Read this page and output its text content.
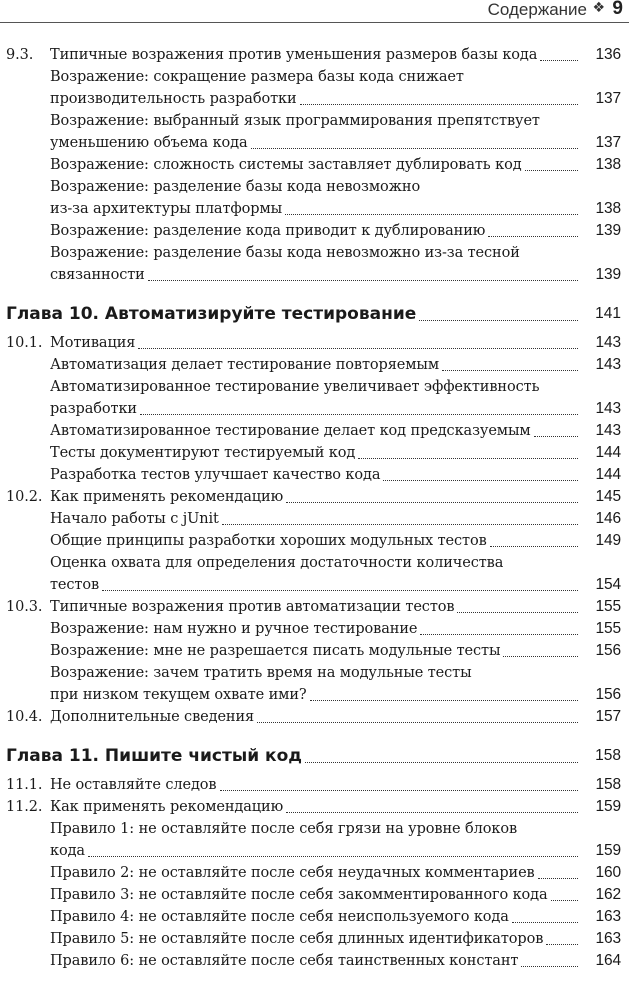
Содержание ❖ 9
9.3. Типичные возражения против уменьшения размеров базы кода	136
Возражение: сокращение размера базы кода снижает
производительность разработки	137
Возражение: выбранный язык программирования препятствует
уменьшению объема кода	137
Возражение: сложность системы заставляет дублировать код	138
Возражение: разделение базы кода невозможно
из-за архитектуры платформы	138
Возражение: разделение кода приводит к дублированию	139
Возражение: разделение базы кода невозможно из-за тесной
связанности	139
Глава 10. Автоматизируйте тестирование	141
10.1. Мотивация	143
Автоматизация делает тестирование повторяемым	143
Автоматизированное тестирование увеличивает эффективность
разработки	143
Автоматизированное тестирование делает код предсказуемым	143
Тесты документируют тестируемый код	144
Разработка тестов улучшает качество кода	144
10.2. Как применять рекомендацию	145
Начало работы с jUnit	146
Общие принципы разработки хороших модульных тестов	149
Оценка охвата для определения достаточности количества
тестов	154
10.3. Типичные возражения против автоматизации тестов	155
Возражение: нам нужно и ручное тестирование	155
Возражение: мне не разрешается писать модульные тесты	156
Возражение: зачем тратить время на модульные тесты
при низком текущем охвате ими?	156
10.4. Дополнительные сведения	157
Глава 11. Пишите чистый код	158
11.1. Не оставляйте следов	158
11.2. Как применять рекомендацию	159
Правило 1: не оставляйте после себя грязи на уровне блоков
кода	159
Правило 2: не оставляйте после себя неудачных комментариев	160
Правило 3: не оставляйте после себя закомментированного кода	162
Правило 4: не оставляйте после себя неиспользуемого кода	163
Правило 5: не оставляйте после себя длинных идентификаторов	163
Правило 6: не оставляйте после себя таинственных констант	164
